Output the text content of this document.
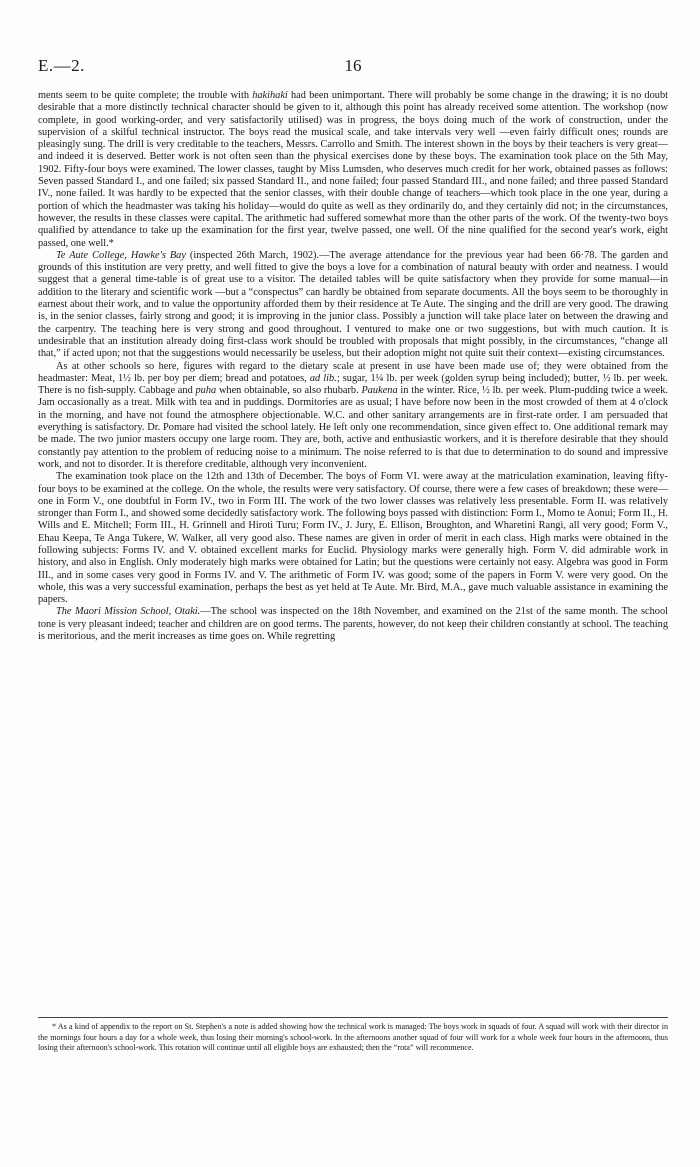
E.—2.	16

ments seem to be quite complete; the trouble with hakihaki had been unimportant. There will probably be some change in the drawing; it is no doubt desirable that a more distinctly technical character should be given to it, although this point has already received some attention. The workshop (now complete, in good working-order, and very satisfactorily utilised) was in progress, the boys doing much of the work of construction, under the supervision of a skilful technical instructor. The boys read the musical scale, and take intervals very well —even fairly difficult ones; rounds are pleasingly sung. The drill is very creditable to the teachers, Messrs. Carrollo and Smith. The interest shown in the boys by their teachers is very great—and indeed it is deserved. Better work is not often seen than the physical exercises done by these boys. The examination took place on the 5th May, 1902. Fifty-four boys were examined. The lower classes, taught by Miss Lumsden, who deserves much credit for her work, obtained passes as follows: Seven passed Standard I., and one failed; six passed Standard II., and none failed; four passed Standard III., and none failed; and three passed Standard IV., none failed. It was hardly to be expected that the senior classes, with their double change of teachers—which took place in the one year, during a portion of which the headmaster was taking his holiday—would do quite as well as they ordinarily do, and they certainly did not; in the circumstances, however, the results in these classes were capital. The arithmetic had suffered somewhat more than the other parts of the work. Of the twenty-two boys qualified by attendance to take up the examination for the first year, twelve passed, one well. Of the nine qualified for the second year's work, eight passed, one well.*

Te Aute College, Hawke's Bay (inspected 26th March, 1902).—The average attendance for the previous year had been 66·78. The garden and grounds of this institution are very pretty, and well fitted to give the boys a love for a combination of natural beauty with order and neatness. I would suggest that a general time-table is of great use to a visitor. The detailed tables will be quite satisfactory when they provide for some manual—in addition to the literary and scientific work —but a “conspectus” can hardly be obtained from separate documents. All the boys seem to be thoroughly in earnest about their work, and to value the opportunity afforded them by their residence at Te Aute. The singing and the drill are very good. The drawing is, in the senior classes, fairly strong and good; it is improving in the junior class. Possibly a junction will take place later on between the drawing and the carpentry. The teaching here is very strong and good throughout. I ventured to make one or two suggestions, but with much caution. It is undesirable that an institution already doing first-class work should be troubled with proposals that might possibly, in the circumstances, “change all that,” if acted upon; not that the suggestions would necessarily be useless, but their adoption might not quite suit their context—existing circumstances.

As at other schools so here, figures with regard to the dietary scale at present in use have been made use of; they were obtained from the headmaster: Meat, 1½ lb. per boy per diem; bread and potatoes, ad lib.; sugar, 1¼ lb. per week (golden syrup being included); butter, ½ lb. per week. There is no fish-supply. Cabbage and puha when obtainable, so also rhubarb. Paukena in the winter. Rice, ½ lb. per week. Plum-pudding twice a week. Jam occasionally as a treat. Milk with tea and in puddings. Dormitories are as usual; I have before now been in the most crowded of them at 4 o'clock in the morning, and have not found the atmosphere objectionable. W.C. and other sanitary arrangements are in first-rate order. I am persuaded that everything is satisfactory. Dr. Pomare had visited the school lately. He left only one recommendation, since given effect to. One additional remark may be made. The two junior masters occupy one large room. They are, both, active and enthusiastic workers, and it is therefore desirable that they should constantly pay attention to the problem of reducing noise to a minimum. The noise referred to is that due to determination to do sound and impressive work, and not to disorder. It is therefore creditable, although very inconvenient.

The examination took place on the 12th and 13th of December. The boys of Form VI. were away at the matriculation examination, leaving fifty-four boys to be examined at the college. On the whole, the results were very satisfactory. Of course, there were a few cases of breakdown; these were—one in Form V., one doubtful in Form IV., two in Form III. The work of the two lower classes was relatively less presentable. Form II. was relatively stronger than Form I., and showed some decidedly satisfactory work. The following boys passed with distinction: Form I., Momo te Aonui; Form II., H. Wills and E. Mitchell; Form III., H. Grinnell and Hiroti Turu; Form IV., J. Jury, E. Ellison, Broughton, and Wharetini Rangi, all very good; Form V., Ehau Keepa, Te Anga Tukere, W. Walker, all very good also. These names are given in order of merit in each class. High marks were obtained in the following subjects: Forms IV. and V. obtained excellent marks for Euclid. Physiology marks were generally high. Form V. did admirable work in history, and also in English. Only moderately high marks were obtained for Latin; but the questions were certainly not easy. Algebra was good in Form III., and in some cases very good in Forms IV. and V. The arithmetic of Form IV. was good; some of the papers in Form V. were very good. On the whole, this was a very successful examination, perhaps the best as yet held at Te Aute. Mr. Bird, M.A., gave much valuable assistance in examining the papers.

The Maori Mission School, Otaki.—The school was inspected on the 18th November, and examined on the 21st of the same month. The school tone is very pleasant indeed; teacher and children are on good terms. The parents, however, do not keep their children constantly at school. The teaching is meritorious, and the merit increases as time goes on. While regretting

* As a kind of appendix to the report on St. Stephen's a note is added showing how the technical work is managed: The boys work in squads of four. A squad will work with their director in the mornings four hours a day for a whole week, thus losing their morning's school-work. In the afternoons another squad of four will work for a whole week four hours in the afternoons, thus losing their afternoon's school-work. This rotation will continue until all eligible boys are exhausted; then the “rota” will recommence.
